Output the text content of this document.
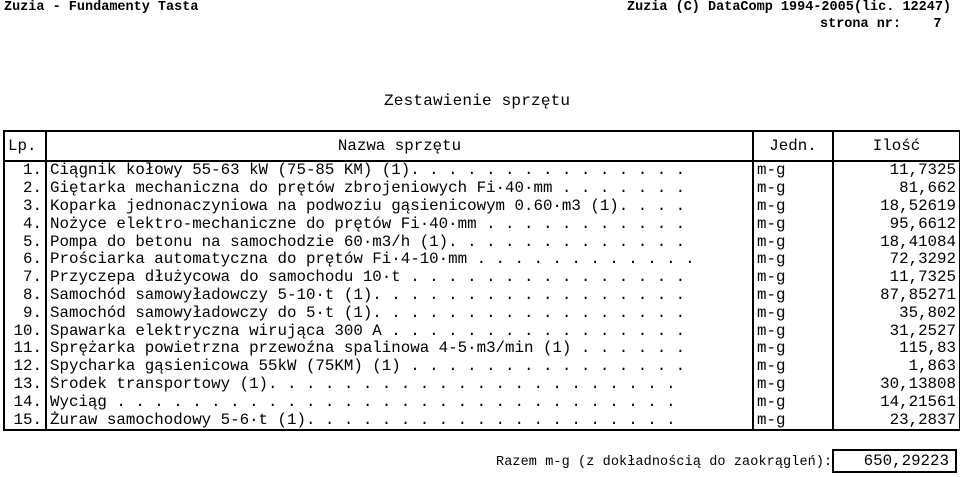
Zuzia - Fundamenty Tasta	Zuzia (C) DataComp 1994-2005(lic. 12247)
strona nr: 7
Zestawienie sprzętu
Lp.	Nazwa sprzętu	Jedn.	Ilość
1.	Ciągnik kołowy 55-63 kW (75-85 KM) (1). . . . . . . . . . . . . . .	m-g	11,7325
2.	Giętarka mechaniczna do prętów zbrojeniowych Fi·40·mm . . . . . . .	m-g	81,662
3.	Koparka jednonaczyniowa na podwoziu gąsienicowym 0.60·m3 (1). . . .	m-g	18,52619
4.	Nożyce elektro-mechaniczne do prętów Fi·40·mm . . . . . . . . . . .	m-g	95,6612
5.	Pompa do betonu na samochodzie 60·m3/h (1). . . . . . . . . . . . .	m-g	18,41084
6.	Prościarka automatyczna do prętów Fi·4-10·mm . . . . . . . . . . . .	m-g	72,3292
7.	Przyczepa dłużycowa do samochodu 10·t . . . . . . . . . . . . . . .	m-g	11,7325
8.	Samochód samowyładowczy 5-10·t (1). . . . . . . . . . . . . . . . .	m-g	87,85271
9.	Samochód samowyładowczy do 5·t (1). . . . . . . . . . . . . . . . .	m-g	35,802
10.	Spawarka elektryczna wirująca 300 A . . . . . . . . . . . . . . . .	m-g	31,2527
11.	Sprężarka powietrzna przewoźna spalinowa 4-5·m3/min (1) . . . . . .	m-g	115,83
12.	Spycharka gąsienicowa 55kW (75KM) (1) . . . . . . . . . . . . . . .	m-g	1,863
13.	Środek transportowy (1). . . . . . . . . . . . . . . . . . . . . .	m-g	30,13808
14.	Wyciąg . . . . . . . . . . . . . . . . . . . . . . . . . . . . . .	m-g	14,21561
15.	Żuraw samochodowy 5-6·t (1). . . . . . . . . . . . . . . . . . . .	m-g	23,2837
Razem m-g (z dokładnością do zaokrągleń):	650,29223
